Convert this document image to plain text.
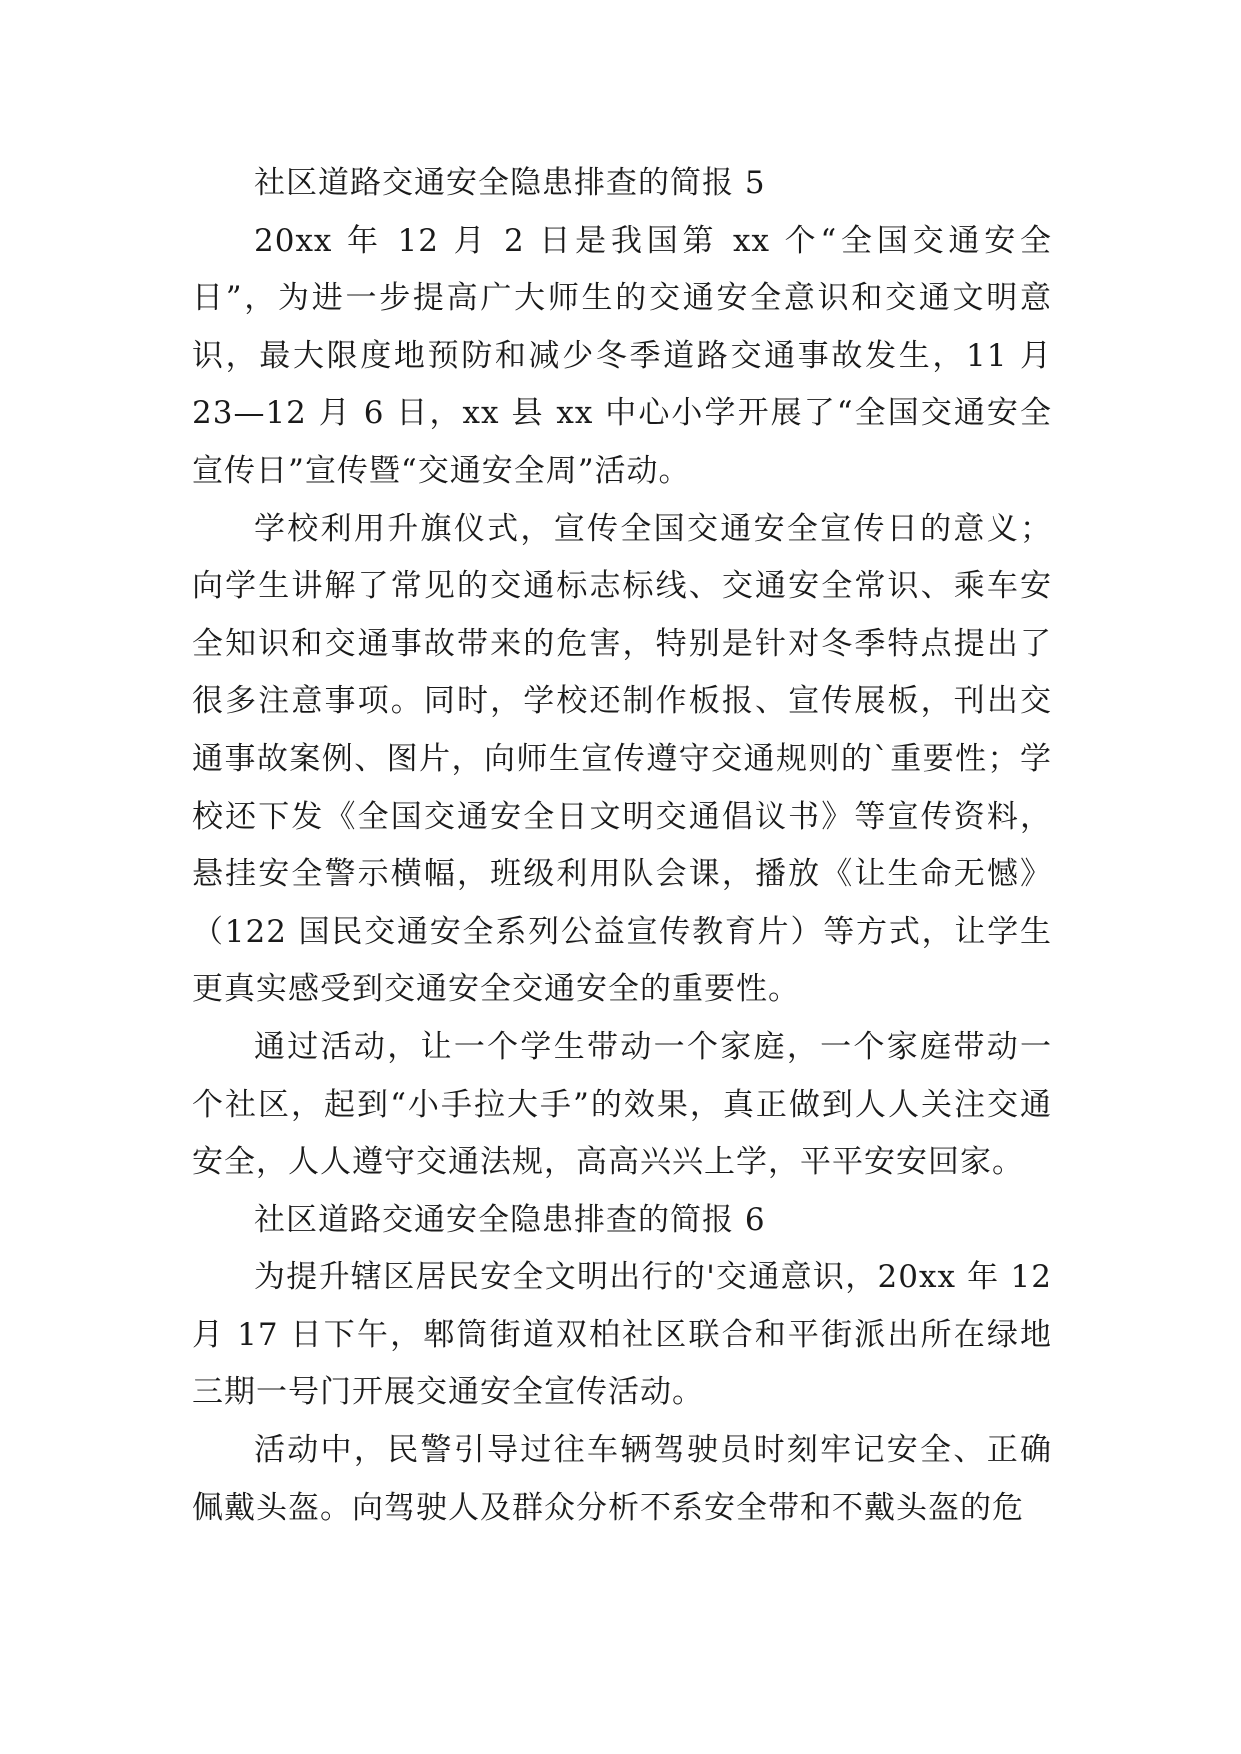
社区道路交通安全隐患排查的简报 5

20xx 年 12 月 2 日是我国第 xx 个“全国交通安全日”，为进一步提高广大师生的交通安全意识和交通文明意识，最大限度地预防和减少冬季道路交通事故发生，11 月 23—12 月 6 日，xx 县 xx 中心小学开展了“全国交通安全宣传日”宣传暨“交通安全周”活动。

学校利用升旗仪式，宣传全国交通安全宣传日的意义；向学生讲解了常见的交通标志标线、交通安全常识、乘车安全知识和交通事故带来的危害，特别是针对冬季特点提出了很多注意事项。同时，学校还制作板报、宣传展板，刊出交通事故案例、图片，向师生宣传遵守交通规则的`重要性；学校还下发《全国交通安全日文明交通倡议书》等宣传资料，悬挂安全警示横幅，班级利用队会课，播放《让生命无憾》（122 国民交通安全系列公益宣传教育片）等方式，让学生更真实感受到交通安全交通安全的重要性。

通过活动，让一个学生带动一个家庭，一个家庭带动一个社区，起到“小手拉大手”的效果，真正做到人人关注交通安全，人人遵守交通法规，高高兴兴上学，平平安安回家。

社区道路交通安全隐患排查的简报 6

为提升辖区居民安全文明出行的'交通意识，20xx 年 12 月 17 日下午，郫筒街道双柏社区联合和平街派出所在绿地三期一号门开展交通安全宣传活动。

活动中，民警引导过往车辆驾驶员时刻牢记安全、正确佩戴头盔。向驾驶人及群众分析不系安全带和不戴头盔的危
